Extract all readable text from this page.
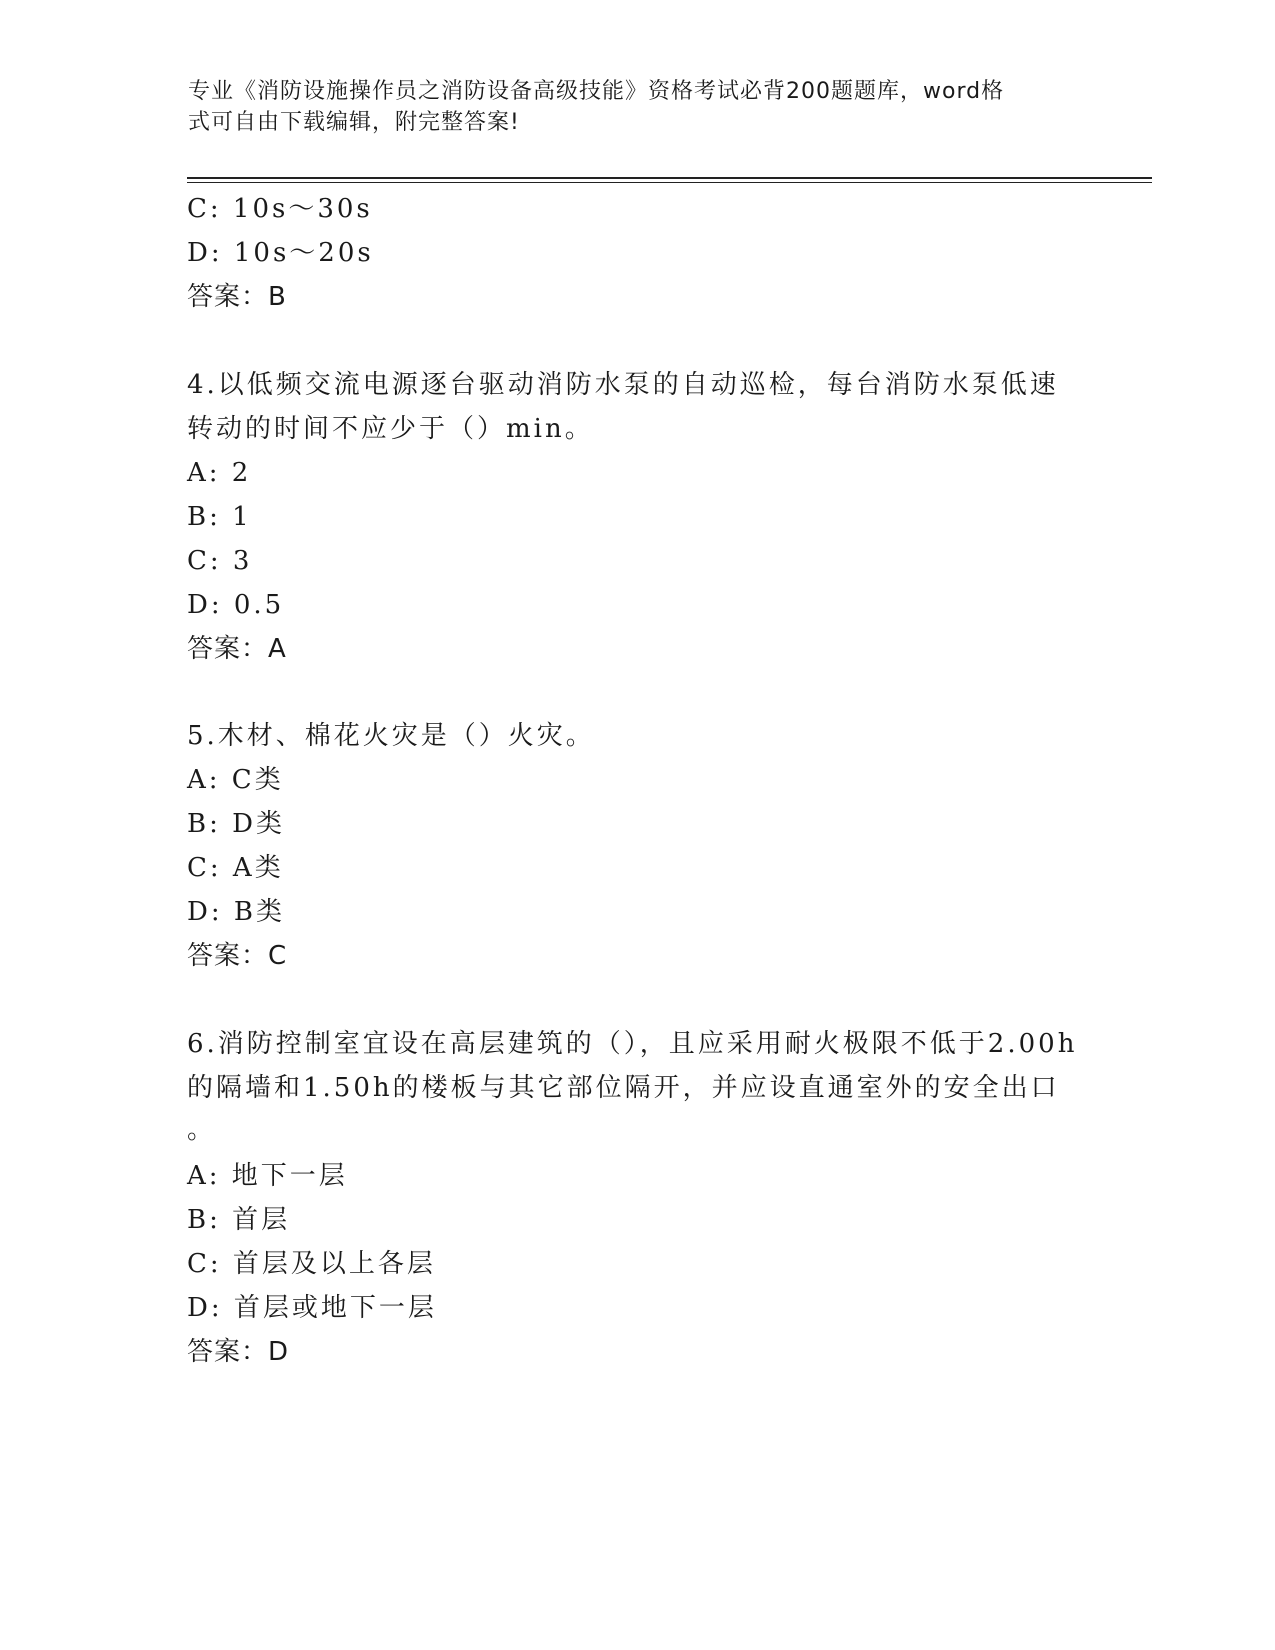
专业《消防设施操作员之消防设备高级技能》资格考试必背200题题库，word格
式可自由下载编辑，附完整答案!
C: 10s～30s
D: 10s～20s
答案：B
4.以低频交流电源逐台驱动消防水泵的自动巡检，每台消防水泵低速
转动的时间不应少于（）min。
A: 2
B: 1
C: 3
D: 0.5
答案：A
5.木材、棉花火灾是（）火灾。
A: C类
B: D类
C: A类
D: B类
答案：C
6.消防控制室宜设在高层建筑的（），且应采用耐火极限不低于2.00h
的隔墙和1.50h的楼板与其它部位隔开，并应设直通室外的安全出口
。
A: 地下一层
B: 首层
C: 首层及以上各层
D: 首层或地下一层
答案：D
